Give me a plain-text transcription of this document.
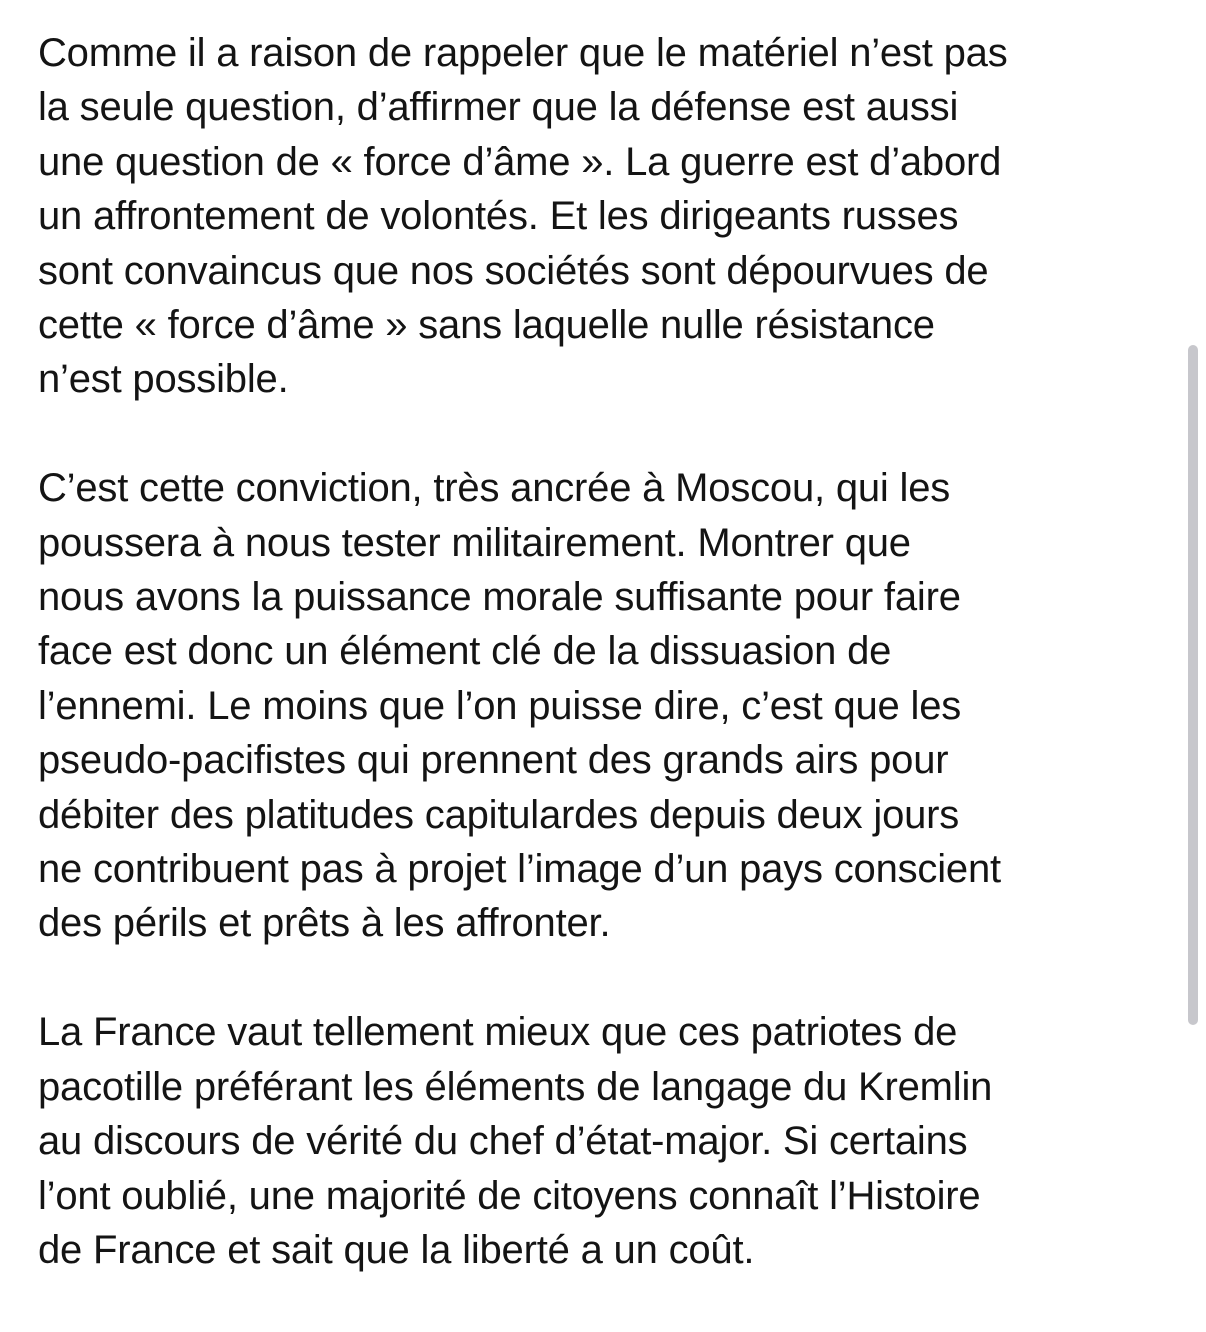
Comme il a raison de rappeler que le matériel n’est pas
la seule question, d’affirmer que la défense est aussi
une question de « force d’âme ». La guerre est d’abord
un affrontement de volontés. Et les dirigeants russes
sont convaincus que nos sociétés sont dépourvues de
cette « force d’âme » sans laquelle nulle résistance
n’est possible.

C’est cette conviction, très ancrée à Moscou, qui les
poussera à nous tester militairement. Montrer que
nous avons la puissance morale suffisante pour faire
face est donc un élément clé de la dissuasion de
l’ennemi. Le moins que l’on puisse dire, c’est que les
pseudo-pacifistes qui prennent des grands airs pour
débiter des platitudes capitulardes depuis deux jours
ne contribuent pas à projet l’image d’un pays conscient
des périls et prêts à les affronter.

La France vaut tellement mieux que ces patriotes de
pacotille préférant les éléments de langage du Kremlin
au discours de vérité du chef d’état-major. Si certains
l’ont oublié, une majorité de citoyens connaît l’Histoire
de France et sait que la liberté a un coût.
